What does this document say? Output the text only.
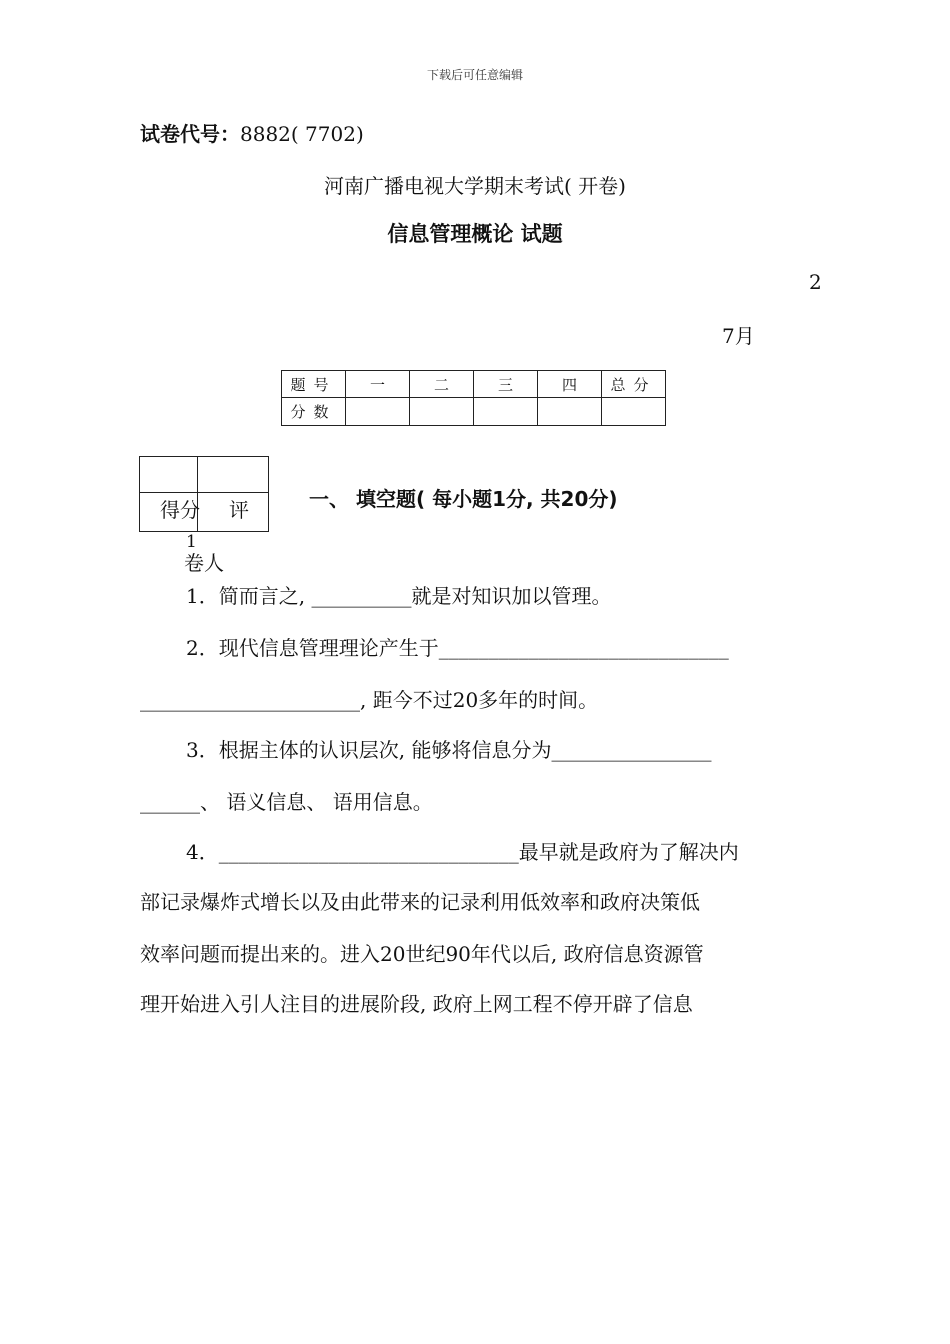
下载后可任意编辑
试卷代号：8882( 7702)
河南广播电视大学期末考试( 开卷)
信息管理概论 试题
2
7月
题号	一	二	三	四	总分
分数					
得分 评
1
卷人
一、 填空题( 每小题1分, 共20分)
1．简而言之, __________就是对知识加以管理。
2．现代信息管理理论产生于_____________________________
______________________, 距今不过20多年的时间。
3．根据主体的认识层次, 能够将信息分为________________
______、 语义信息、 语用信息。
4．______________________________最早就是政府为了解决内
部记录爆炸式增长以及由此带来的记录利用低效率和政府决策低
效率问题而提出来的。进入20世纪90年代以后, 政府信息资源管
理开始进入引人注目的进展阶段, 政府上网工程不停开辟了信息
